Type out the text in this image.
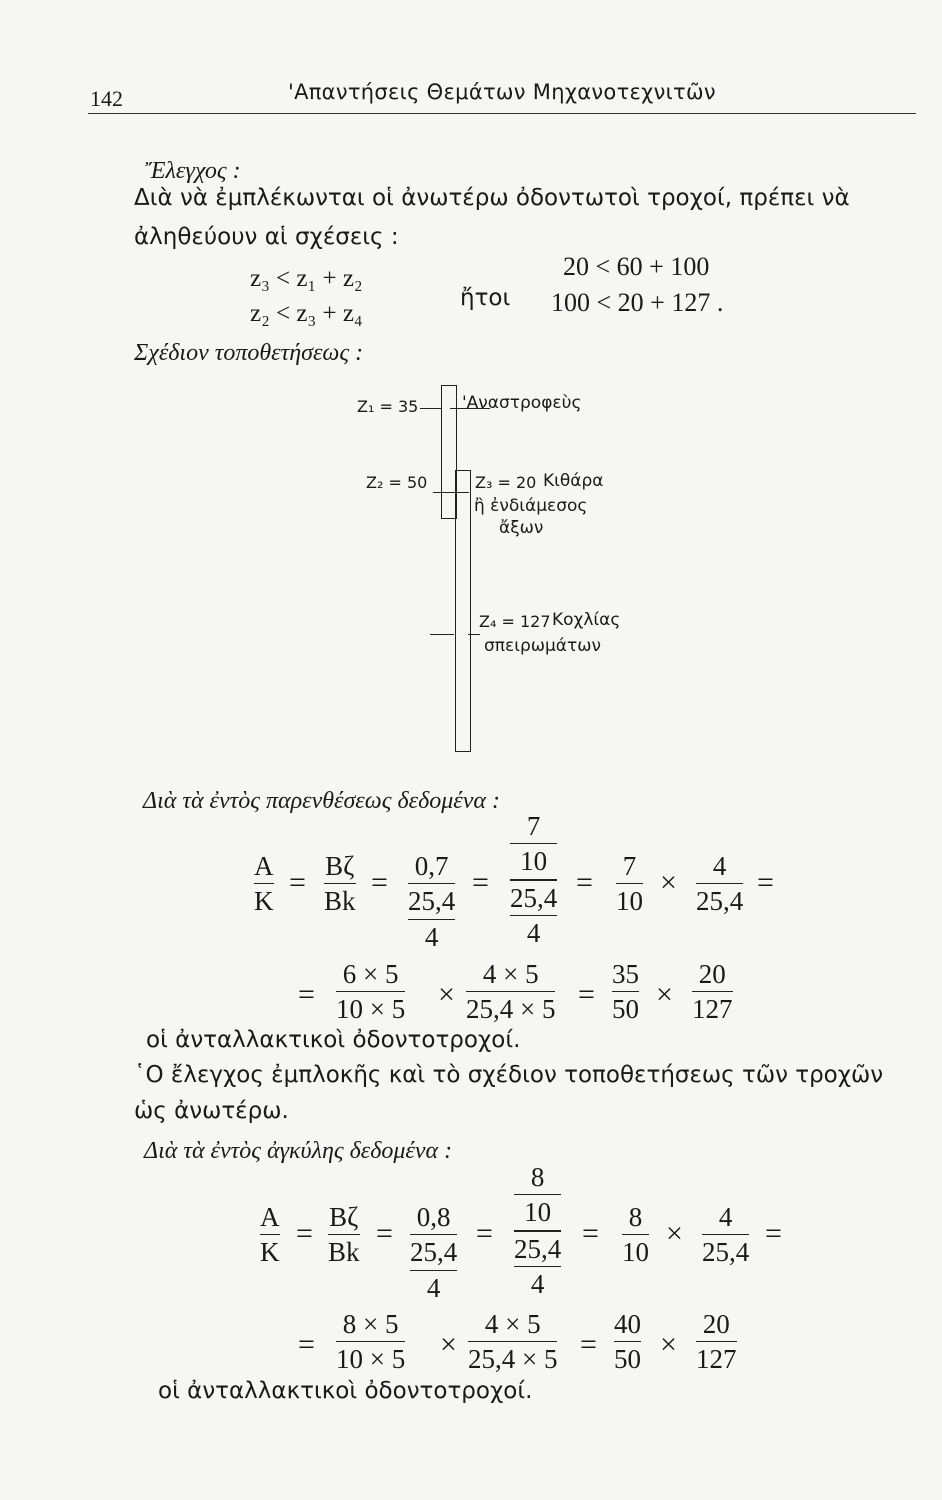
142	'Απαντήσεις Θεμάτων Μηχανοτεχνιτῶν
Ἔλεγχος :
Διὰ νὰ ἐμπλέκωνται οἱ ἀνωτέρω ὀδοντωτοὶ τροχοί, πρέπει νὰ
ἀληθεύουν αἱ σχέσεις :
z₃ < z₁ + z₂
z₂ < z₃ + z₄
ἤτοι
20 < 60 + 100
100 < 20 + 127 .
Σχέδιον τοποθετήσεως :
Z₁ = 35	'Αναστροφεὺς
Z₂ = 50	Z₃ = 20 Κιθάρα
ἢ ἐνδιάμεσος
ἄξων
Z₄ = 127 Κοχλίας
σπειρωμάτων
Διὰ τὰ ἐντὸς παρενθέσεως δεδομένα :
A
K
= Bζ
Bk
= 0,7
25,4
4
=
7
10
25,4
4
= 7
10
× 4
25,4
=
=
6 × 5
10 × 5 ×
4 × 5
25,4 × 5 =
35
50 ×
20
127
οἱ ἀνταλλακτικοὶ ὀδοντοτροχοί.
῾Ο ἔλεγχος ἐμπλοκῆς καὶ τὸ σχέδιον τοποθετήσεως τῶν τροχῶν
ὡς ἀνωτέρω.
Διὰ τὰ ἐντὸς ἀγκύλης δεδομένα :
A
K
= Bζ
Bk
= 0,8
25,4
4
=
8
10
25,4
4
= 8
10
× 4
25,4
=
=
8 × 5
10 × 5 ×
4 × 5
25,4 × 5 =
40
50 ×
20
127
οἱ ἀνταλλακτικοὶ ὀδοντοτροχοί.
